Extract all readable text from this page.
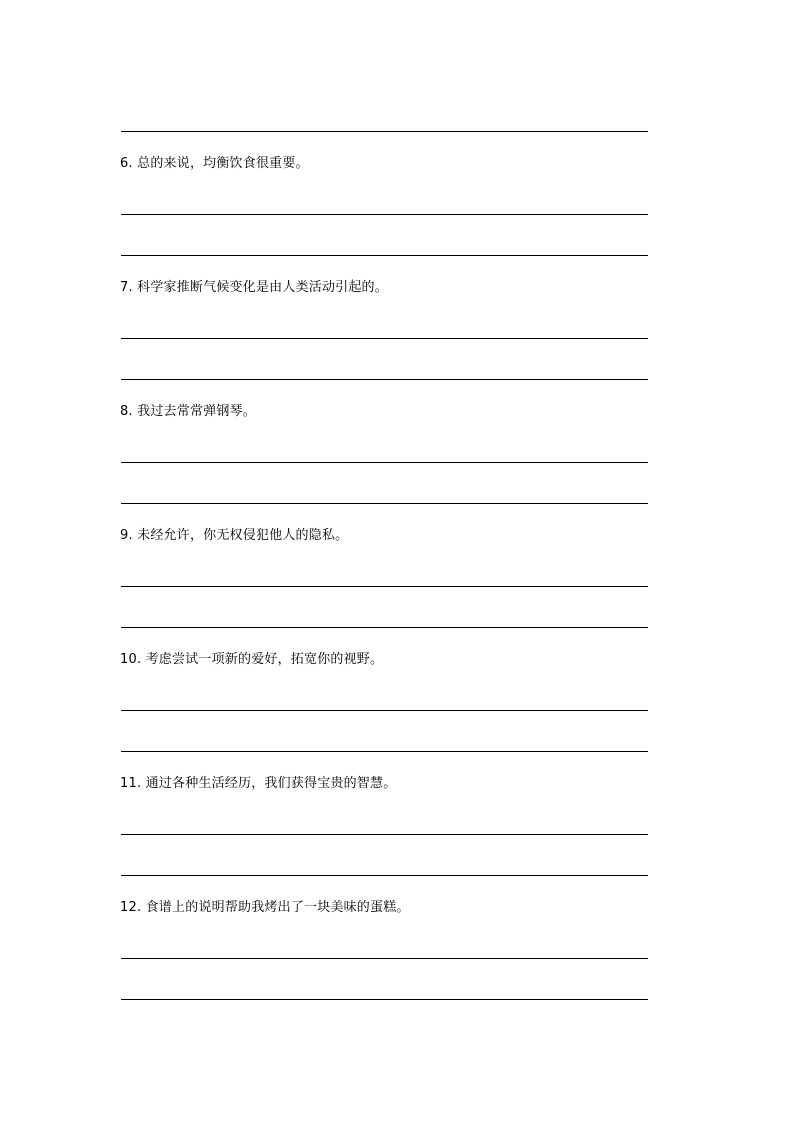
6. 总的来说，均衡饮食很重要。
7. 科学家推断气候变化是由人类活动引起的。
8. 我过去常常弹钢琴。
9. 未经允许，你无权侵犯他人的隐私。
10. 考虑尝试一项新的爱好，拓宽你的视野。
11. 通过各种生活经历，我们获得宝贵的智慧。
12. 食谱上的说明帮助我烤出了一块美味的蛋糕。
